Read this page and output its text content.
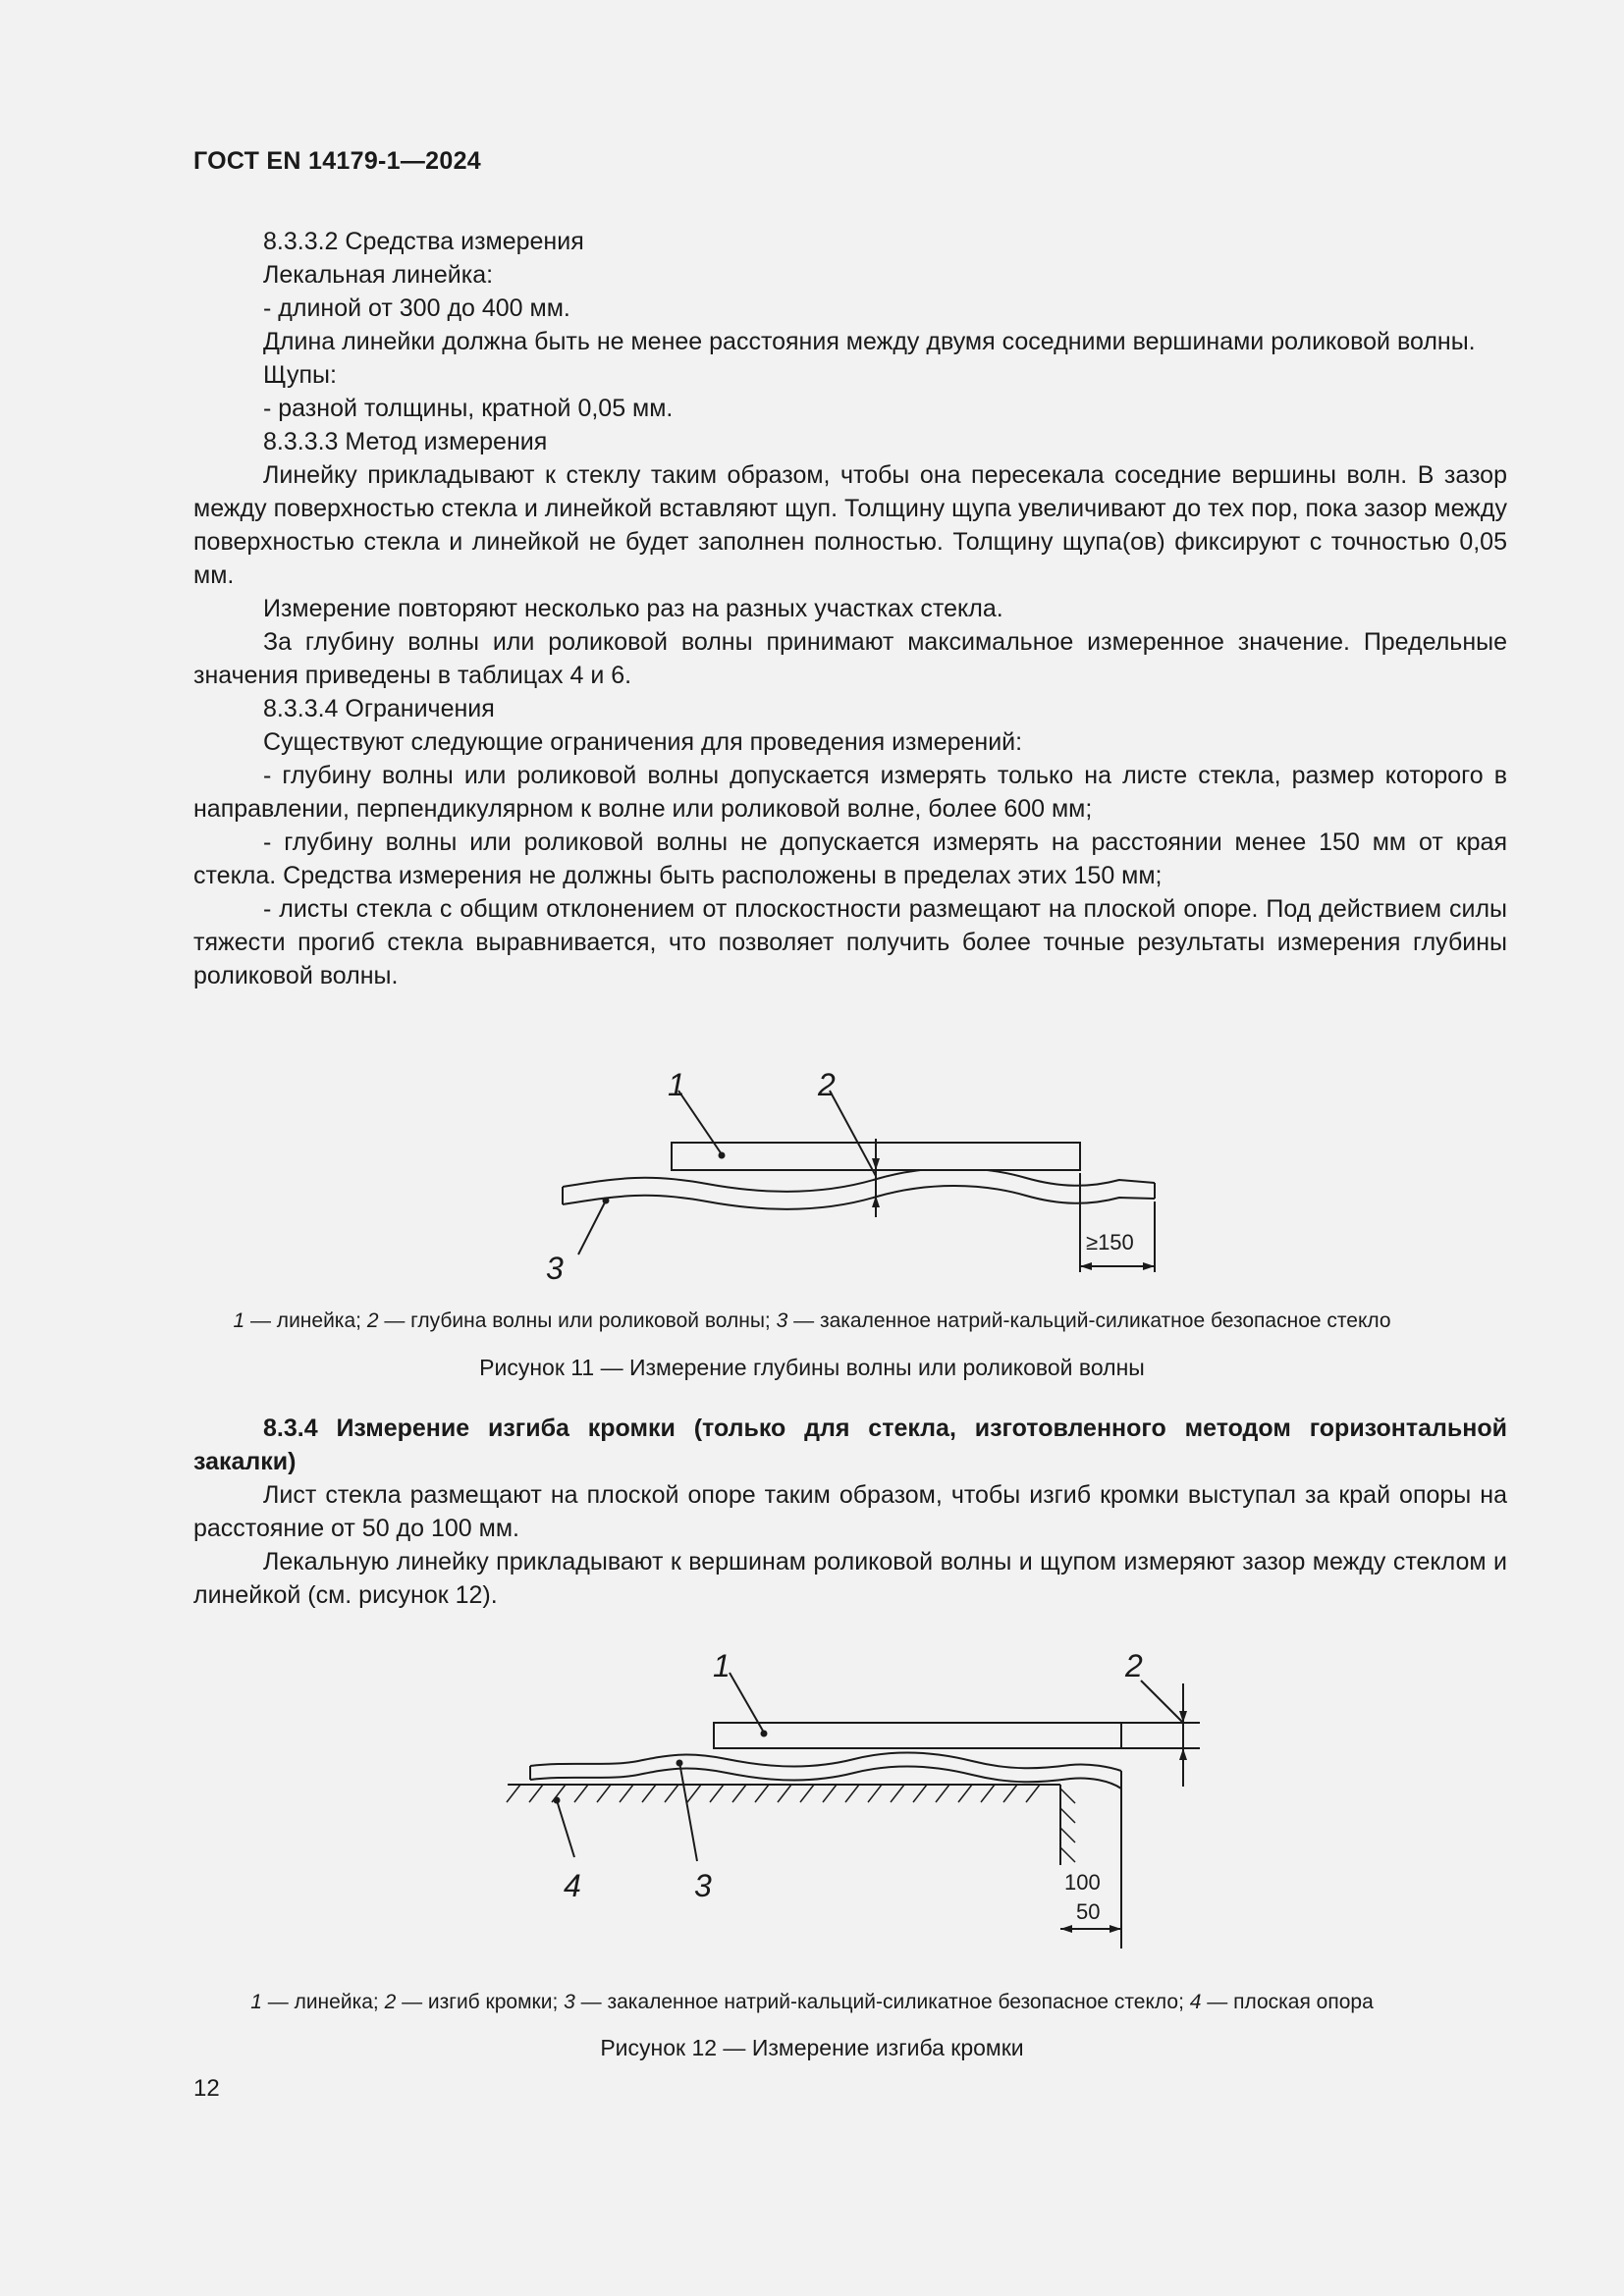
ГОСТ EN 14179-1—2024

8.3.3.2 Средства измерения

Лекальная линейка:

- длиной от 300 до 400 мм.

Длина линейки должна быть не менее расстояния между двумя соседними вершинами роликовой волны.

Щупы:

- разной толщины, кратной 0,05 мм.

8.3.3.3 Метод измерения

Линейку прикладывают к стеклу таким образом, чтобы она пересекала соседние вершины волн. В зазор между поверхностью стекла и линейкой вставляют щуп. Толщину щупа увеличивают до тех пор, пока зазор между поверхностью стекла и линейкой не будет заполнен полностью. Толщину щупа(ов) фиксируют с точностью 0,05 мм.

Измерение повторяют несколько раз на разных участках стекла.

За глубину волны или роликовой волны принимают максимальное измеренное значение. Предельные значения приведены в таблицах 4 и 6.

8.3.3.4 Ограничения

Существуют следующие ограничения для проведения измерений:

- глубину волны или роликовой волны допускается измерять только на листе стекла, размер которого в направлении, перпендикулярном к волне или роликовой волне, более 600 мм;

- глубину волны или роликовой волны не допускается измерять на расстоянии менее 150 мм от края стекла. Средства измерения не должны быть расположены в пределах этих 150 мм;

- листы стекла с общим отклонением от плоскостности размещают на плоской опоре. Под действием силы тяжести прогиб стекла выравнивается, что позволяет получить более точные результаты измерения глубины роликовой волны.

1	2
3
≥150
1 — линейка; 2 — глубина волны или роликовой волны; 3 — закаленное натрий-кальций-силикатное безопасное стекло
Рисунок 11 — Измерение глубины волны или роликовой волны

8.3.4 Измерение изгиба кромки (только для стекла, изготовленного методом горизонтальной закалки)

Лист стекла размещают на плоской опоре таким образом, чтобы изгиб кромки выступал за край опоры на расстояние от 50 до 100 мм.

Лекальную линейку прикладывают к вершинам роликовой волны и щупом измеряют зазор между стеклом и линейкой (см. рисунок 12).

1	2
3
4	100
50
1 — линейка; 2 — изгиб кромки; 3 — закаленное натрий-кальций-силикатное безопасное стекло; 4 — плоская опора
Рисунок 12 — Измерение изгиба кромки
12
